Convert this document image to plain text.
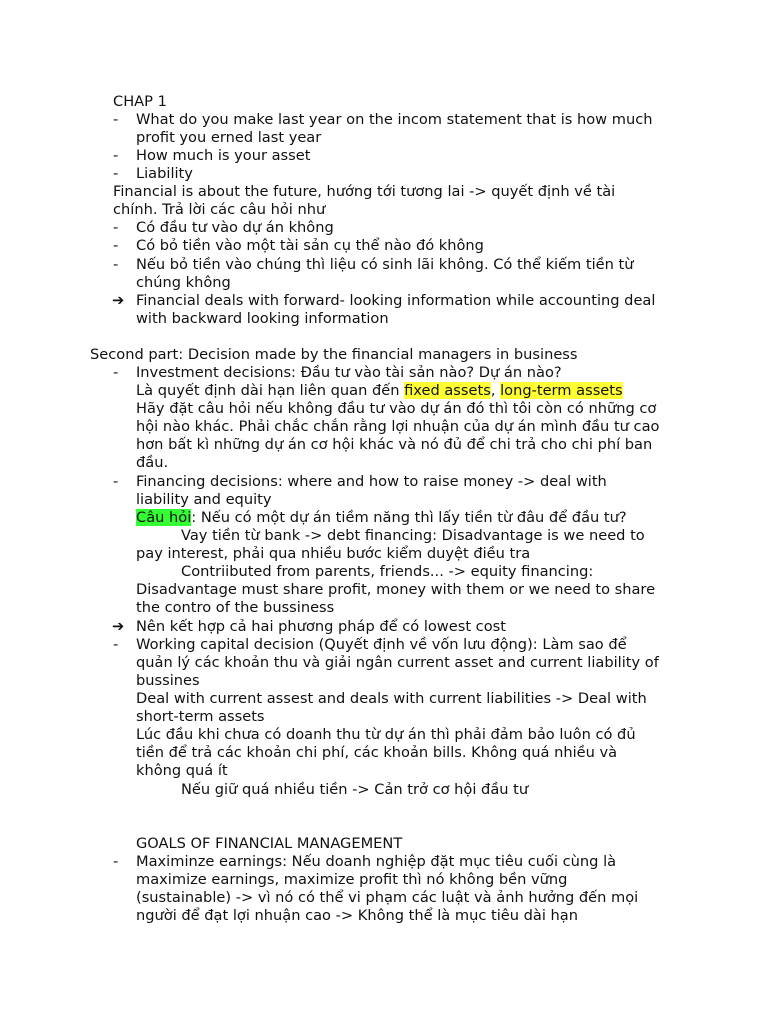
CHAP 1
- What do you make last year on the incom statement that is how much
profit you erned last year
- How much is your asset
- Liability
Financial is about the future, hướng tới tương lai -> quyết định về tài
chính. Trả lời các câu hỏi như
- Có đầu tư vào dự án không
- Có bỏ tiền vào một tài sản cụ thể nào đó không
- Nếu bỏ tiền vào chúng thì liệu có sinh lãi không. Có thể kiếm tiền từ
chúng không
➔ Financial deals with forward- looking information while accounting deal
with backward looking information
Second part: Decision made by the financial managers in business
- Investment decisions: Đầu tư vào tài sản nào? Dự án nào?
Là quyết định dài hạn liên quan đến fixed assets, long-term assets
Hãy đặt câu hỏi nếu không đầu tư vào dự án đó thì tôi còn có những cơ
hội nào khác. Phải chắc chắn rằng lợi nhuận của dự án mình đầu tư cao
hơn bất kì những dự án cơ hội khác và nó đủ để chi trả cho chi phí ban
đầu.
- Financing decisions: where and how to raise money -> deal with
liability and equity
Câu hỏi: Nếu có một dự án tiềm năng thì lấy tiền từ đâu để đầu tư?
Vay tiền từ bank -> debt financing: Disadvantage is we need to
pay interest, phải qua nhiều bước kiểm duyệt điều tra
Contriibuted from parents, friends... -> equity financing:
Disadvantage must share profit, money with them or we need to share
the contro of the bussiness
➔ Nên kết hợp cả hai phương pháp để có lowest cost
- Working capital decision (Quyết định về vốn lưu động): Làm sao để
quản lý các khoản thu và giải ngân current asset and current liability of
bussines
Deal with current assest and deals with current liabilities -> Deal with
short-term assets
Lúc đầu khi chưa có doanh thu từ dự án thì phải đảm bảo luôn có đủ
tiền để trả các khoản chi phí, các khoản bills. Không quá nhiều và
không quá ít
Nếu giữ quá nhiều tiền -> Cản trở cơ hội đầu tư
GOALS OF FINANCIAL MANAGEMENT
- Maximinze earnings: Nếu doanh nghiệp đặt mục tiêu cuối cùng là
maximize earnings, maximize profit thì nó không bền vững
(sustainable) -> vì nó có thể vi phạm các luật và ảnh hưởng đến mọi
người để đạt lợi nhuận cao -> Không thể là mục tiêu dài hạn
